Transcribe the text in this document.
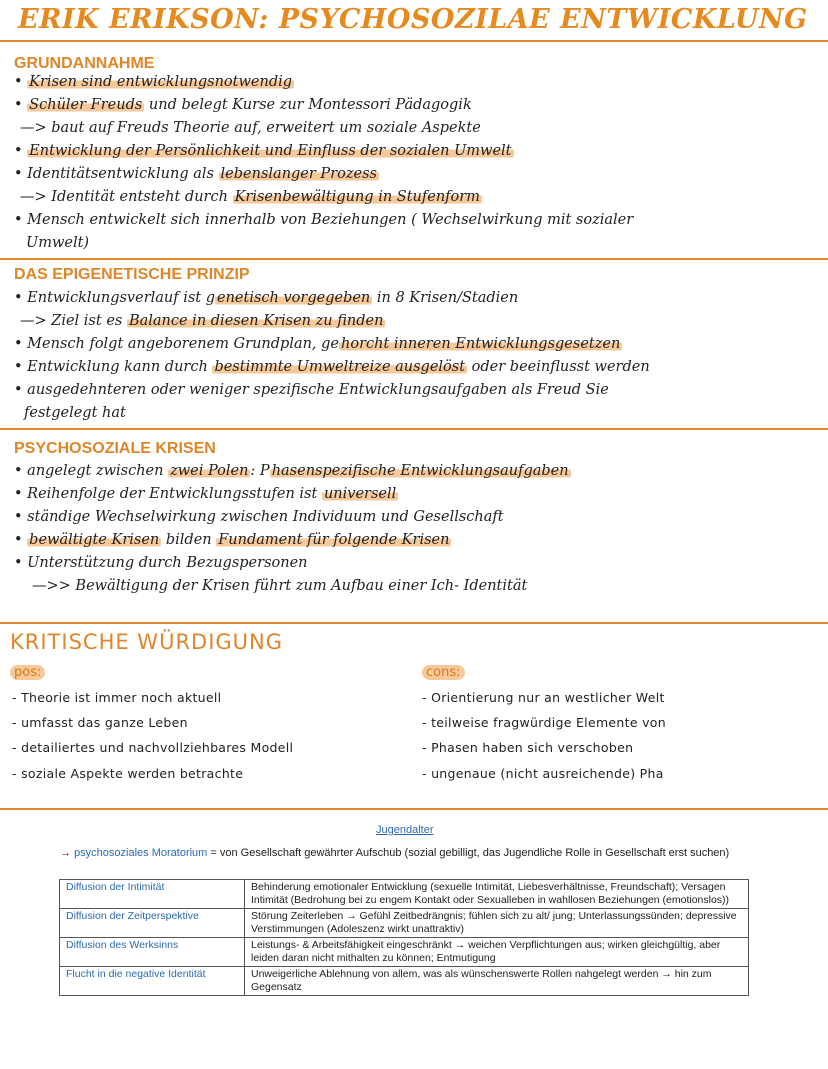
ERIK ERIKSON: PSYCHOSOZILAE ENTWICKLUNG
GRUNDANNAHME
• Krisen sind entwicklungsnotwendig
• Schüler Freuds und belegt Kurse zur Montessori Pädagogik
—> baut auf Freuds Theorie auf, erweitert um soziale Aspekte
• Entwicklung der Persönlichkeit und Einfluss der sozialen Umwelt
• Identitätsentwicklung als lebenslanger Prozess
—> Identität entsteht durch Krisenbewältigung in Stufenform
• Mensch entwickelt sich innerhalb von Beziehungen ( Wechselwirkung mit sozialer
Umwelt)
DAS EPIGENETISCHE PRINZIP
• Entwicklungsverlauf ist g enetisch vorgegeben in 8 Krisen/Stadien
—> Ziel ist es Balance in diesen Krisen zu finden
• Mensch folgt angeborenem Grundplan, ge horcht inneren Entwicklungsgesetzen
• Entwicklung kann durch bestimmte Umweltreize ausgelöst oder beeinflusst werden
• ausgedehnteren oder weniger spezifische Entwicklungsaufgaben als Freud Sie
festgelegt hat
PSYCHOSOZIALE KRISEN
• angelegt zwischen zwei Polen : P hasenspezifische Entwicklungsaufgaben
• Reihenfolge der Entwicklungsstufen ist universell
• ständige Wechselwirkung zwischen Individuum und Gesellschaft
• bewältigte Krisen bilden Fundament für folgende Krisen
• Unterstützung durch Bezugspersonen
—>> Bewältigung der Krisen führt zum Aufbau einer Ich- Identität
KRITISCHE WÜRDIGUNG
pos:	cons:
- Theorie ist immer noch aktuell
- umfasst das ganze Leben
- detailiertes und nachvollziehbares Modell
- soziale Aspekte werden betrachte
- Orientierung nur an westlicher Welt
- teilweise fragwürdige Elemente von
- Phasen haben sich verschoben
- ungenaue (nicht ausreichende) Pha
Jugendalter
→ psychosoziales Moratorium = von Gesellschaft gewährter Aufschub (sozial gebilligt, das Jugendliche Rolle in Gesellschaft erst suchen)
Diffusion der Intimität	Behinderung emotionaler Entwicklung (sexuelle Intimität, Liebesverhältnisse, Freundschaft); Versagen Intimität (Bedrohung bei zu engem Kontakt oder Sexualleben in wahllosen Beziehungen (emotionslos))
Diffusion der Zeitperspektive	Störung Zeiterleben → Gefühl Zeitbedrängnis; fühlen sich zu alt/ jung; Unterlassungssünden; depressive Verstimmungen (Adoleszenz wirkt unattraktiv)
Diffusion des Werksinns	Leistungs- & Arbeitsfähigkeit eingeschränkt → weichen Verpflichtungen aus; wirken gleichgültig, aber leiden daran nicht mithalten zu können; Entmutigung
Flucht in die negative Identität	Unweigerliche Ablehnung von allem, was als wünschenswerte Rollen nahgelegt werden → hin zum Gegensatz
